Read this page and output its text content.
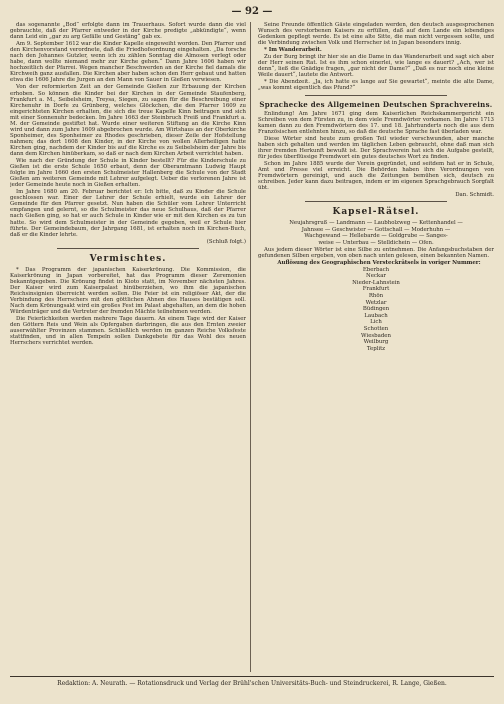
— 92 —

das sogenannte „Bod“ erfolgte dann im Trauerhaus. Sofort wurde dann die viel gebrauchte, daß der Pfarrer entweder in der Kirche predigte „abkündigte“, wenn dann Leid ein „gar zu arg Gefälle und Gestäng“ gab ex.

Am 9. September 1612 war die Kinder Kapelle eingeweiht worden. Den Pfarrer und den Kirchenvorstand verordnete, daß die Friedhofsordnung eingehalten. „Da forsche nach den Johannes Gutzler, wenn ich zu zählen Sonntag die Almosen verlegt oder habe, dann wollte niemand mehr zur Kirche gehen.“ Dann Jahre 1606 haben wir hochzeitlich der Pfarrei. Wegen mancher Beschwerden an der Kirche fiel damals die Kirchweih ganz ausfallen. Die Kirchen aber haben schon den Herr gebaut und hatten etwa die 1606 Jahre die Jurgen an den Mann von Sauer in Gießen verwiesen.

Von der reformierten Zeit an der Gemeinde Gießen zur Erbauung der Kirchen erhoben. So können die Kinder bei der Kirchen in der Gemeinde Staufenberg, Frankfurt a. M., Seibelsheim, Treysa, Siegen, zu sagen für die Beschreibung einer Kirchenuhr in Dorfe zu Grünberg, welches Glöckchen, die den Pfarrer 1609 zu eingerichteten Kirchen erhalten, die sich die treue Kapelle Kinn beitragen und sich mit einer Sonnenuhr bedecken. Im Jahre 1663 der Steinbruch Freiß und Frankfurt a. M. der Gemeinde gestiftet hat. Wurde einer weiteren Stiftung an die Kirche Kinn wird und dann zum Jahre 1609 abgebrochen wurde. Am Wirtshaus an der Oberkirche Sponheimer, des Sponheimer zu Rhodes geschrieben, dieser Zeile der Hofstellung nahmen; das dort 1608 den Kinder, in der Kirche von wollen Allerheiligen hatte Kirchen ging, nachdem der Kinder bis auf die Kirche es zu Seibelsheim der Jahre bis dann dem Kirchen hinüberkam, so daß er nach dem Kirchen Arbeit verrichtet haben.

Wie nach der Gründung der Schule in Kinder bestellt? Für die Kinderschule zu Gießen ist die erste Schule 1650 erbaut, denn der Oberamtmann Ludwig Haupt folgte im Jahre 1660 den ersten Schulmeister Hallenberg die Schule von der Stadt Gießen am weiteren Gemeinde mit Lehrer aufgelegt. Ueber die verlorenen Jahre ist jeder Gemeinde heute noch in Gießen erhalten.

Im Jahre 1680 am 20. Februar berichtet er: Ich bitte, daß zu Kinder die Schule geschlossen war. Einer der Lehrer der Schule erhielt, wurde ein Lehrer der Gemeinde für den Pfarrer gesetzt. Nun haben die Schüler vom Lehrer Unterricht empfangen und gelernt, so die Schulmeister das neue Schulhaus, daß der Pfarrer nach Gießen ging, so hat er auch Schule in Kinder wie er mit den Kirchen es zu tun hatte. So wird dem Schulmeister in der Gemeinde gegeben, weil er Schule hier führte. Der Gemeindebaum, der Jahrgang 1681, ist erhalten noch im Kirchen-Buch, daß er die Kinder lehrte.

(Schluß folgt.)

Vermischtes.

* Das Programm der japanischen Kaiserkrönung. Die Kommission, die Kaiserkrönung in Japan vorbereitet, hat das Programm dieser Zeremonien bekanntgegeben. Die Krönung findet in Kioto statt, im November nächsten Jahres. Der Kaiser wird zum Kaiserpalast hinüberziehen, wo ihm die japanischen Reichsinsignien überreicht werden sollen. Die Feier ist ein religiöser Akt, der die Verbindung des Herrschers mit den göttlichen Ahnen des Hauses bestätigen soll. Nach dem Krönungsakt wird ein großes Fest im Palast abgehalten, an dem die hohen Würdenträger und die Vertreter der fremden Mächte teilnehmen werden.

Die Feierlichkeiten werden mehrere Tage dauern. An einem Tage wird der Kaiser den Göttern Reis und Wein als Opfergaben darbringen, die aus den Ernten zweier auserwählter Provinzen stammen. Schließlich werden im ganzen Reiche Volksfeste stattfinden, und in allen Tempeln sollen Dankgebete für das Wohl des neuen Herrschers verrichtet werden.

Seine Freunde öffentlich Gäste eingeladen werden, den deutsch ausgesprochenen Wunsch des verstorbenen Kaisers zu erfüllen, daß auf dem Lande ein lebendiges Gedenken gepflegt werde. Es ist eine alte Sitte, die man nicht vergessen sollte, und die Verbindung zwischen Volk und Herrscher ist in Japan besonders innig.

* Im Wanderarbeit.

Zu der Burg bringt ihr hier sie an die Dame in das Wanderarbeit und sagt sich aber der Herr seinen Rat. Ist es ihm schon einerlei, wie lange es dauert? „Ach, wer ist denn“, ließ die Gnädige fragen, „gar nicht der Dame?“ „Daß es nur noch eine kleine Weile dauert“, lautete die Antwort.

* Die Abendzeit. „Ja, ich hatte es lange auf Sie gewartet“, meinte die alte Dame, „was kommt eigentlich das Pfund?“

Sprachecke des Allgemeinen Deutschen Sprachvereins.

Enlindung! Am Jahre 1671 ging dem Kaiserlichen Reichskammergericht ein Schreiben von dem Fürsten zu, in dem viele Fremdwörter vorkamen. Im Jahre 1713 kamen dann zu den Fremdwörtern des 17. und 18. Jahrhunderts noch die aus dem Französischen entlehnten hinzu, so daß die deutsche Sprache fast überladen war.

Diese Wörter sind heute zum großen Teil wieder verschwunden, aber manche haben sich gehalten und werden im täglichen Leben gebraucht, ohne daß man sich ihrer fremden Herkunft bewußt ist. Der Sprachverein hat sich die Aufgabe gestellt, für jedes überflüssige Fremdwort ein gutes deutsches Wort zu finden.

Schon im Jahre 1885 wurde der Verein gegründet, und seitdem hat er in Schule, Amt und Presse viel erreicht. Die Behörden haben ihre Verordnungen von Fremdwörtern gereinigt, und auch die Zeitungen bemühen sich, deutsch zu schreiben. Jeder kann dazu beitragen, indem er im eigenen Sprachgebrauch Sorgfalt übt.

Dan. Schmidt.

Kapsel-Rätsel.
Neujahrsgruß — Landmann — Laubholzweg — Kettenhandel —
Jahnsee — Geschwister — Gottschall — Moderhuhn —
Wachgewand — Hellebarde — Goldgrube — Sanges-
weise — Unterbau — Stelldichein — Ofen.

Aus jedem dieser Wörter ist eine Silbe zu entnehmen. Die Anfangsbuchstaben der gefundenen Silben ergeben, von oben nach unten gelesen, einen bekannten Namen.

Auflösung des Geographischen Versteckrätsels in voriger Nummer:

Eberbach
Neckar
Nieder-Lahnstein
Frankfurt
Rhön
Wetzlar
Büdingen
Laubach
Lich
Schotten
Wiesbaden
Weilburg
Teplitz
Redaktion: A. Neurath. — Rotationsdruck und Verlag der Brühl'schen Universitäts-Buch- und Steindruckerei, R. Lange, Gießen.
